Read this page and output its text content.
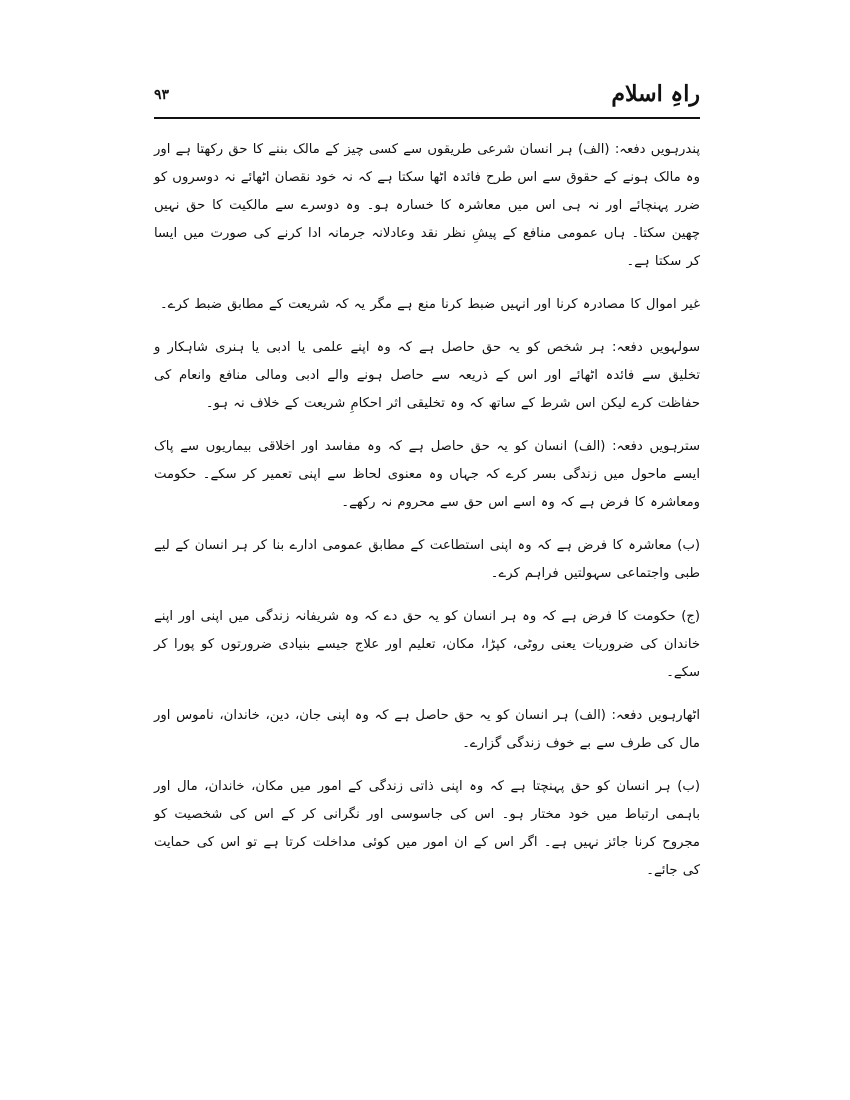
راہِ اسلام
۹۳

پندرہویں دفعہ: (الف) ہر انسان شرعی طریقوں سے کسی چیز کے مالک بننے کا حق رکھتا ہے اور وہ مالک ہونے کے حقوق سے اس طرح فائدہ اٹھا سکتا ہے کہ نہ خود نقصان اٹھائے نہ دوسروں کو ضرر پہنچائے اور نہ ہی اس میں معاشرہ کا خسارہ ہو۔ وہ دوسرے سے مالکیت کا حق نہیں چھین سکتا۔ ہاں عمومی منافع کے پیشِ نظر نقد وعادلانہ جرمانہ ادا کرنے کی صورت میں ایسا کر سکتا ہے۔

غیر اموال کا مصادرہ کرنا اور انہیں ضبط کرنا منع ہے مگر یہ کہ شریعت کے مطابق ضبط کرے۔

سولہویں دفعہ: ہر شخص کو یہ حق حاصل ہے کہ وہ اپنے علمی یا ادبی یا ہنری شاہکار و تخلیق سے فائدہ اٹھائے اور اس کے ذریعہ سے حاصل ہونے والے ادبی ومالی منافع وانعام کی حفاظت کرے لیکن اس شرط کے ساتھ کہ وہ تخلیقی اثر احکامِ شریعت کے خلاف نہ ہو۔

سترہویں دفعہ: (الف) انسان کو یہ حق حاصل ہے کہ وہ مفاسد اور اخلاقی بیماریوں سے پاک ایسے ماحول میں زندگی بسر کرے کہ جہاں وہ معنوی لحاظ سے اپنی تعمیر کر سکے۔ حکومت ومعاشرہ کا فرض ہے کہ وہ اسے اس حق سے محروم نہ رکھے۔

(ب) معاشرہ کا فرض ہے کہ وہ اپنی استطاعت کے مطابق عمومی ادارے بنا کر ہر انسان کے لیے طبی واجتماعی سہولتیں فراہم کرے۔

(ج) حکومت کا فرض ہے کہ وہ ہر انسان کو یہ حق دے کہ وہ شریفانہ زندگی میں اپنی اور اپنے خاندان کی ضروریات یعنی روٹی، کپڑا، مکان، تعلیم اور علاج جیسے بنیادی ضرورتوں کو پورا کر سکے۔

اٹھارہویں دفعہ: (الف) ہر انسان کو یہ حق حاصل ہے کہ وہ اپنی جان، دین، خاندان، ناموس اور مال کی طرف سے بے خوف زندگی گزارے۔

(ب) ہر انسان کو حق پہنچتا ہے کہ وہ اپنی ذاتی زندگی کے امور میں مکان، خاندان، مال اور باہمی ارتباط میں خود مختار ہو۔ اس کی جاسوسی اور نگرانی کر کے اس کی شخصیت کو مجروح کرنا جائز نہیں ہے۔ اگر اس کے ان امور میں کوئی مداخلت کرتا ہے تو اس کی حمایت کی جائے۔
